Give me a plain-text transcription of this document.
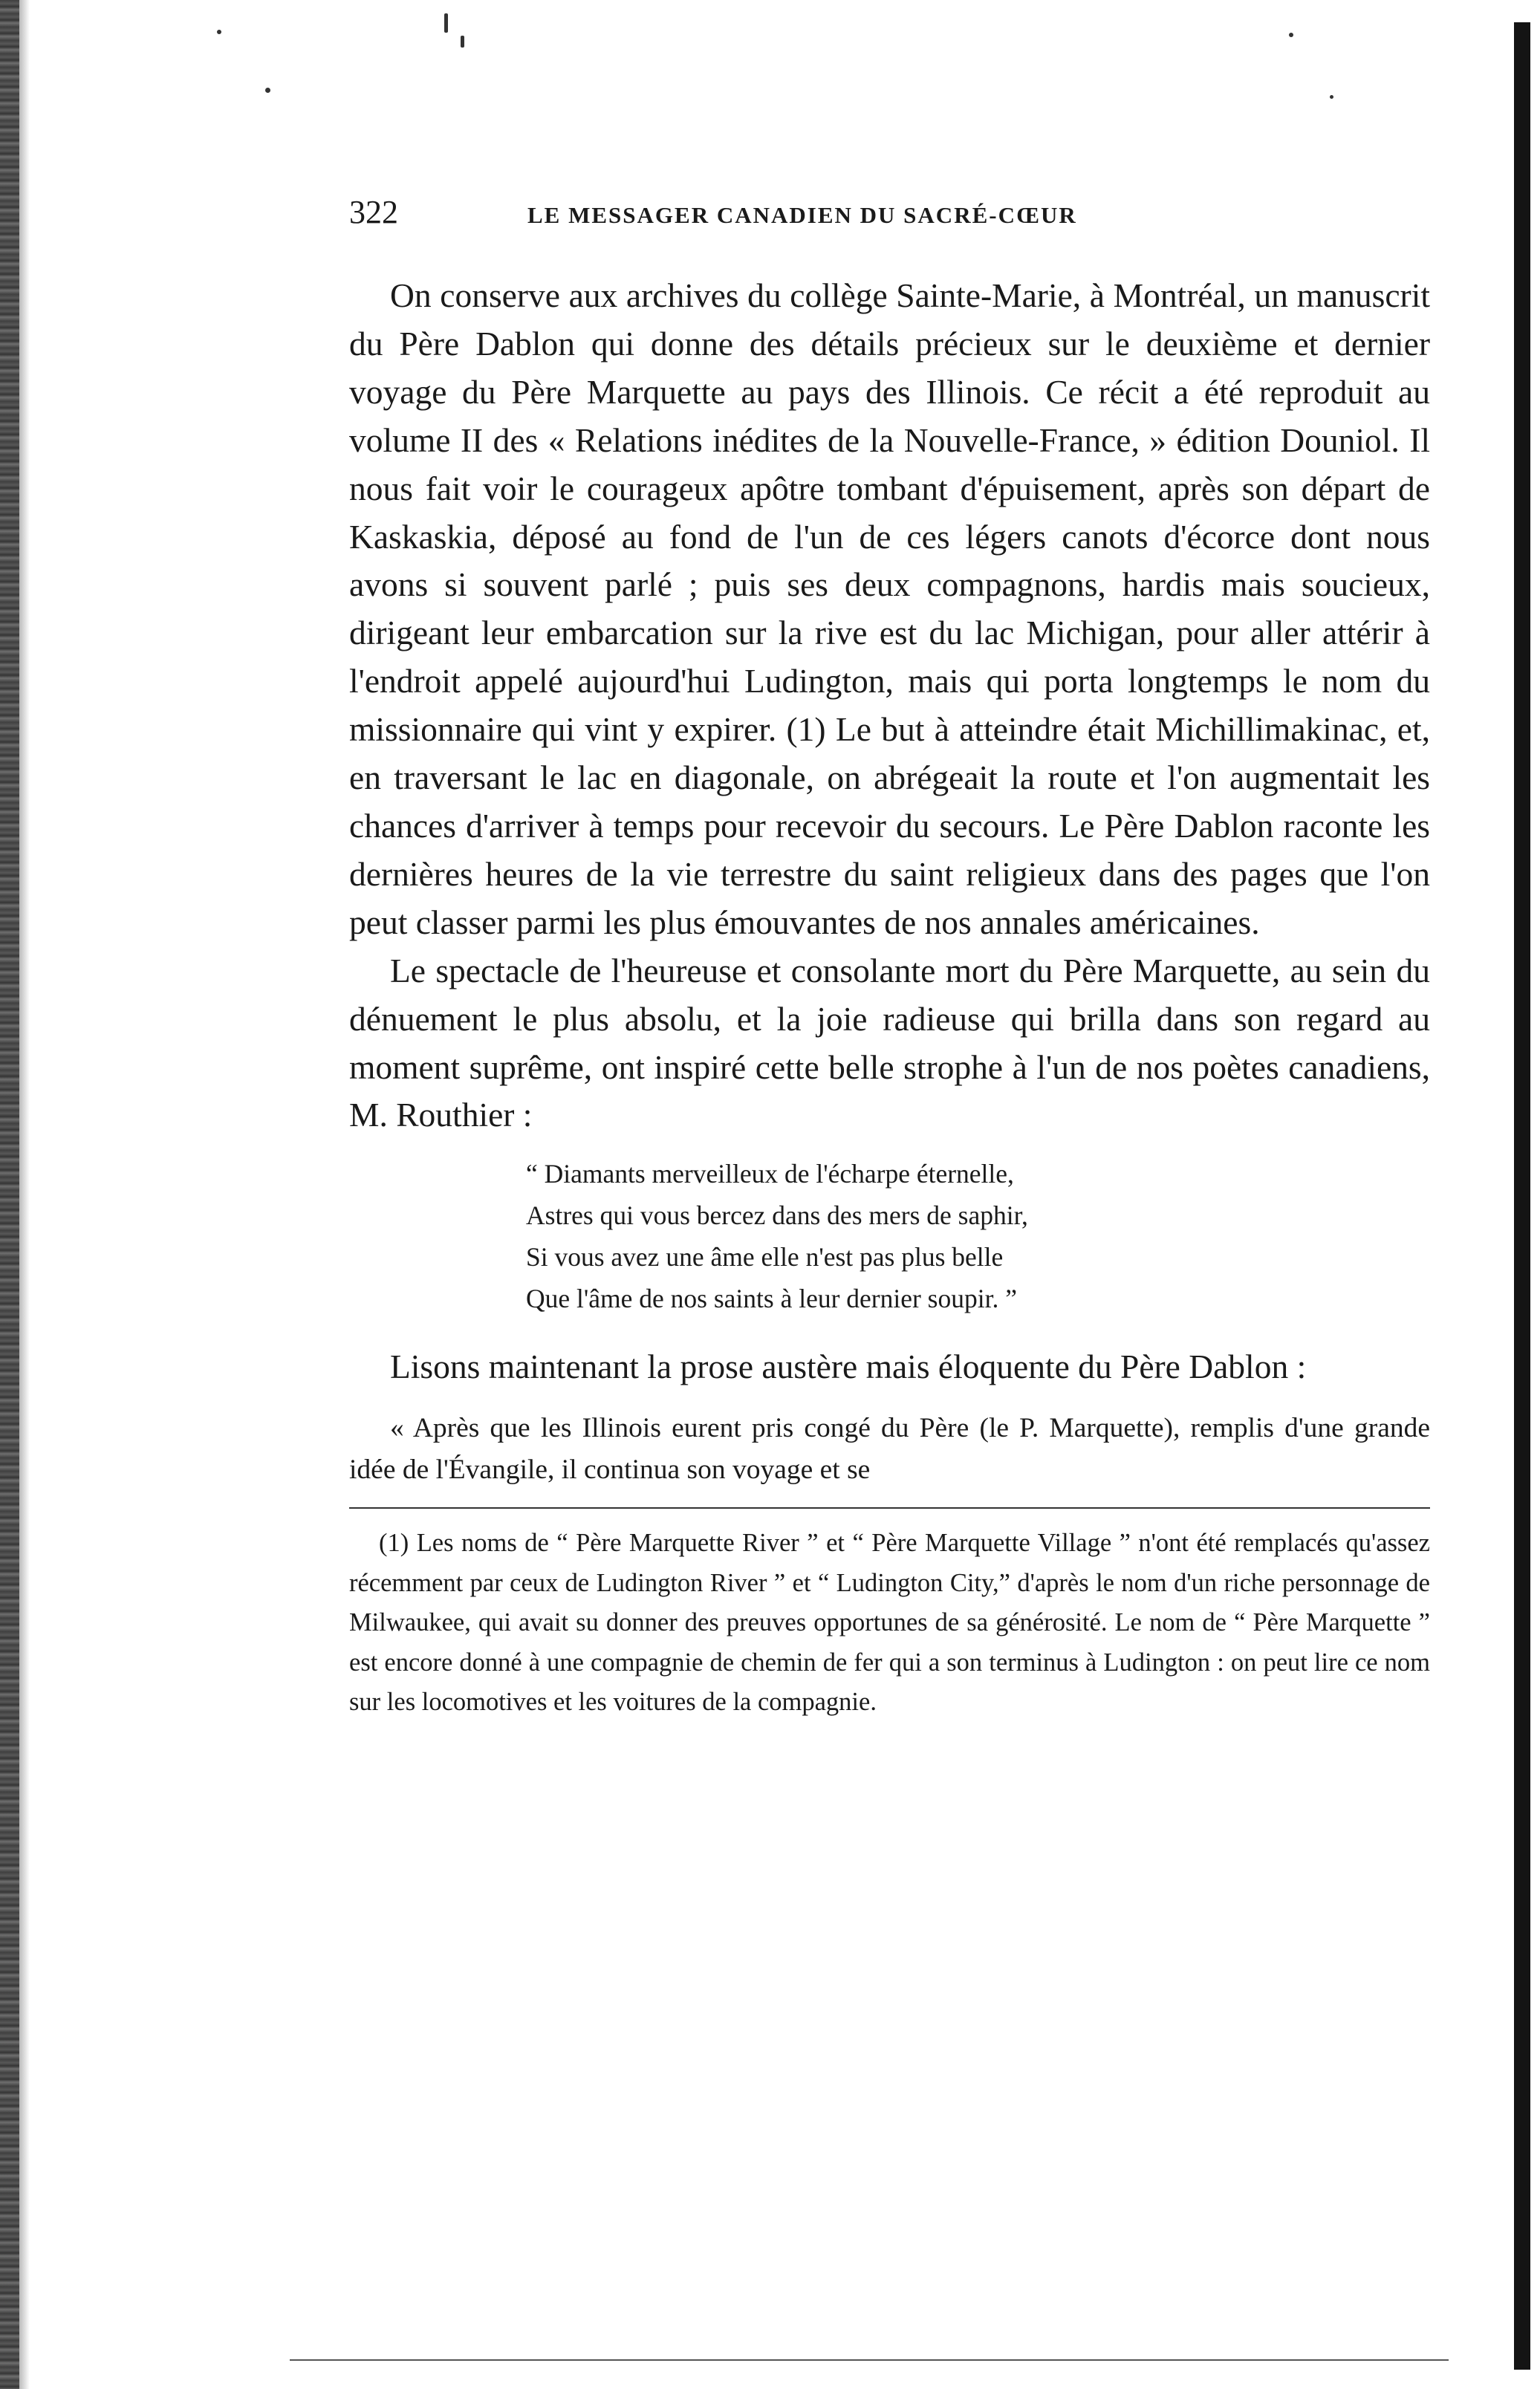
322	LE MESSAGER CANADIEN DU SACRÉ-CŒUR

On conserve aux archives du collège Sainte-Marie, à Montréal, un manuscrit du Père Dablon qui donne des détails précieux sur le deuxième et dernier voyage du Père Marquette au pays des Illinois. Ce récit a été reproduit au volume II des « Relations inédites de la Nouvelle-France, » édition Douniol. Il nous fait voir le courageux apôtre tombant d'épuisement, après son départ de Kaskaskia, déposé au fond de l'un de ces légers canots d'écorce dont nous avons si souvent parlé ; puis ses deux compagnons, hardis mais soucieux, dirigeant leur embarcation sur la rive est du lac Michigan, pour aller attérir à l'endroit appelé aujourd'hui Ludington, mais qui porta longtemps le nom du missionnaire qui vint y expirer. (1) Le but à atteindre était Michillimakinac, et, en traversant le lac en diagonale, on abrégeait la route et l'on augmentait les chances d'arriver à temps pour recevoir du secours. Le Père Dablon raconte les dernières heures de la vie terrestre du saint religieux dans des pages que l'on peut classer parmi les plus émouvantes de nos annales américaines.

Le spectacle de l'heureuse et consolante mort du Père Marquette, au sein du dénuement le plus absolu, et la joie radieuse qui brilla dans son regard au moment suprême, ont inspiré cette belle strophe à l'un de nos poètes canadiens, M. Routhier :

“ Diamants merveilleux de l'écharpe éternelle,
Astres qui vous bercez dans des mers de saphir,
Si vous avez une âme elle n'est pas plus belle
Que l'âme de nos saints à leur dernier soupir. ”

Lisons maintenant la prose austère mais éloquente du Père Dablon :

« Après que les Illinois eurent pris congé du Père (le P. Marquette), remplis d'une grande idée de l'Évangile, il continua son voyage et se
(1) Les noms de “ Père Marquette River ” et “ Père Marquette Village ” n'ont été remplacés qu'assez récemment par ceux de Ludington River ” et “ Ludington City,” d'après le nom d'un riche personnage de Milwaukee, qui avait su donner des preuves opportunes de sa générosité. Le nom de “ Père Marquette ” est encore donné à une compagnie de chemin de fer qui a son terminus à Ludington : on peut lire ce nom sur les locomotives et les voitures de la compagnie.
